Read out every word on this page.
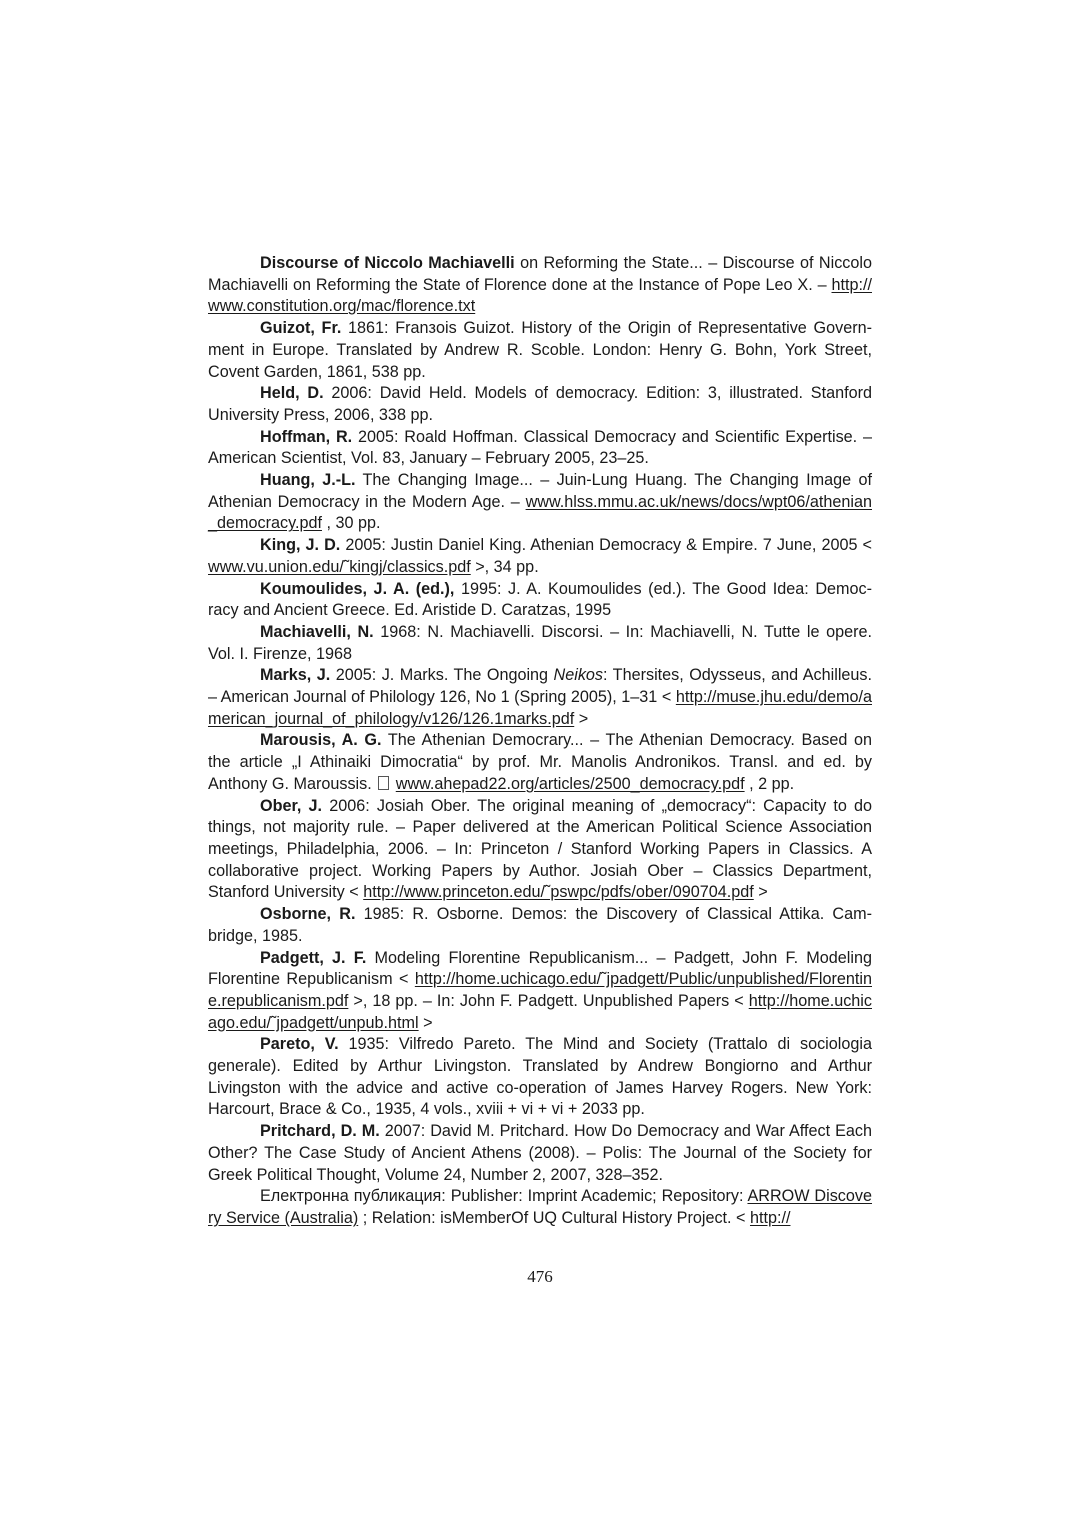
Discourse of Niccolo Machiavelli on Reforming the State... – Discourse of Niccolo Machiavelli on Reforming the State of Florence done at the Instance of Pope Leo X. – http://www.constitution.org/mac/florence.txt

Guizot, Fr. 1861: Franзois Guizot. History of the Origin of Representative Government in Europe. Translated by Andrew R. Scoble. London: Henry G. Bohn, York Street, Covent Garden, 1861, 538 pp.

Held, D. 2006: David Held. Models of democracy. Edition: 3, illustrated. Stanford University Press, 2006, 338 pp.

Hoffman, R. 2005: Roald Hoffman. Classical Democracy and Scientific Expertise. – American Scientist, Vol. 83, January – February 2005, 23–25.

Huang, J.-L. The Changing Image... – Juin-Lung Huang. The Changing Image of Athenian Democracy in the Modern Age. – www.hlss.mmu.ac.uk/news/docs/wpt06/athenian_democracy.pdf , 30 pp.

King, J. D. 2005: Justin Daniel King. Athenian Democracy & Empire. 7 June, 2005 < www.vu.union.edu/˜kingj/classics.pdf >, 34 pp.

Koumoulides, J. A. (ed.), 1995: J. A. Koumoulides (ed.). The Good Idea: Democracy and Ancient Greece. Ed. Aristide D. Caratzas, 1995

Machiavelli, N. 1968: N. Machiavelli. Discorsi. – In: Machiavelli, N. Tutte le opere. Vol. I. Firenze, 1968

Marks, J. 2005: J. Marks. The Ongoing Neikos: Thersites, Odysseus, and Achilleus. – American Journal of Philology 126, No 1 (Spring 2005), 1–31 < http://muse.jhu.edu/demo/american_journal_of_philology/v126/126.1marks.pdf >

Marousis, A. G. The Athenian Democrary... – The Athenian Democracy. Based on the article „I Athinaiki Dimocratia“ by prof. Mr. Manolis Andronikos. Transl. and ed. by Anthony G. Maroussis.  www.ahepad22.org/articles/2500_democracy.pdf , 2 pp.

Ober, J. 2006: Josiah Ober. The original meaning of „democracy“: Capacity to do things, not majority rule. – Paper delivered at the American Political Science Association meetings, Philadelphia, 2006. – In: Princeton / Stanford Working Papers in Classics. A collaborative project. Working Papers by Author. Josiah Ober – Classics Department, Stanford University < http://www.princeton.edu/˜pswpc/pdfs/ober/090704.pdf >

Osborne, R. 1985: R. Osborne. Demos: the Discovery of Classical Attika. Cambridge, 1985.

Padgett, J. F. Modeling Florentine Republicanism... – Padgett, John F. Modeling Florentine Republicanism < http://home.uchicago.edu/˜jpadgett/Public/unpublished/Florentine.republicanism.pdf >, 18 pp. – In: John F. Padgett. Unpublished Papers < http://home.uchicago.edu/˜jpadgett/unpub.html >

Pareto, V. 1935: Vilfredo Pareto. The Mind and Society (Trattalo di sociologia generale). Edited by Arthur Livingston. Translated by Andrew Bongiorno and Arthur Livingston with the advice and active co-operation of James Harvey Rogers. New York: Harcourt, Brace & Co., 1935, 4 vols., xviii + vi + vi + 2033 pp.

Pritchard, D. M. 2007: David M. Pritchard. How Do Democracy and War Affect Each Other? The Case Study of Ancient Athens (2008). – Polis: The Journal of the Society for Greek Political Thought, Volume 24, Number 2, 2007, 328–352.

Електронна публикация: Publisher: Imprint Academic; Repository: ARROW Discovery Service (Australia) ; Relation: isMemberOf UQ Cultural History Project. < http://

476
